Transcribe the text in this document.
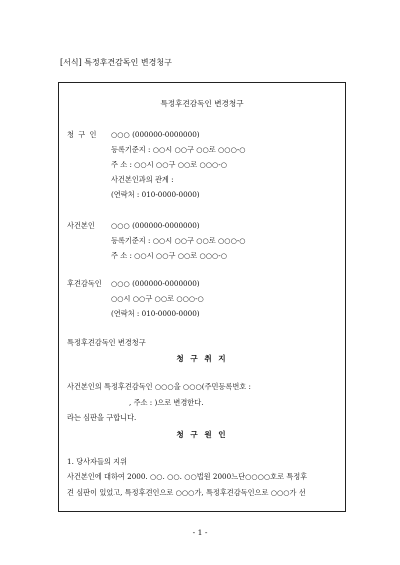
[서식] 특정후견감독인 변경청구
특정후견감독인 변경청구
청 구 인 ○○○ (000000-0000000)
등록기준지 : ○○시 ○○구 ○○로 ○○○-○
주 소 : ○○시 ○○구 ○○로 ○○○-○
사건본인과의 관계 :
(연락처 : 010-0000-0000)
사건본인 ○○○ (000000-0000000)
등록기준지 : ○○시 ○○구 ○○로 ○○○-○
주 소 : ○○시 ○○구 ○○로 ○○○-○
후견감독인 ○○○ (000000-0000000)
○○시 ○○구 ○○로 ○○○-○
(연락처 : 010-0000-0000)
특정후견감독인 변경청구
청 구 취 지
사건본인의 특정후견감독인 ○○○을 ○○○(주민등록번호 :
, 주소 : )으로 변경한다.
라는 심판을 구합니다.
청 구 원 인
1. 당사자들의 지위
사건본인에 대하여 2000. ○○. ○○. ○○법원 2000느단○○○○호로 특정후
견 심판이 있었고, 특정후견인으로 ○○○가, 특정후견감독인으로 ○○○가 선
- 1 -
